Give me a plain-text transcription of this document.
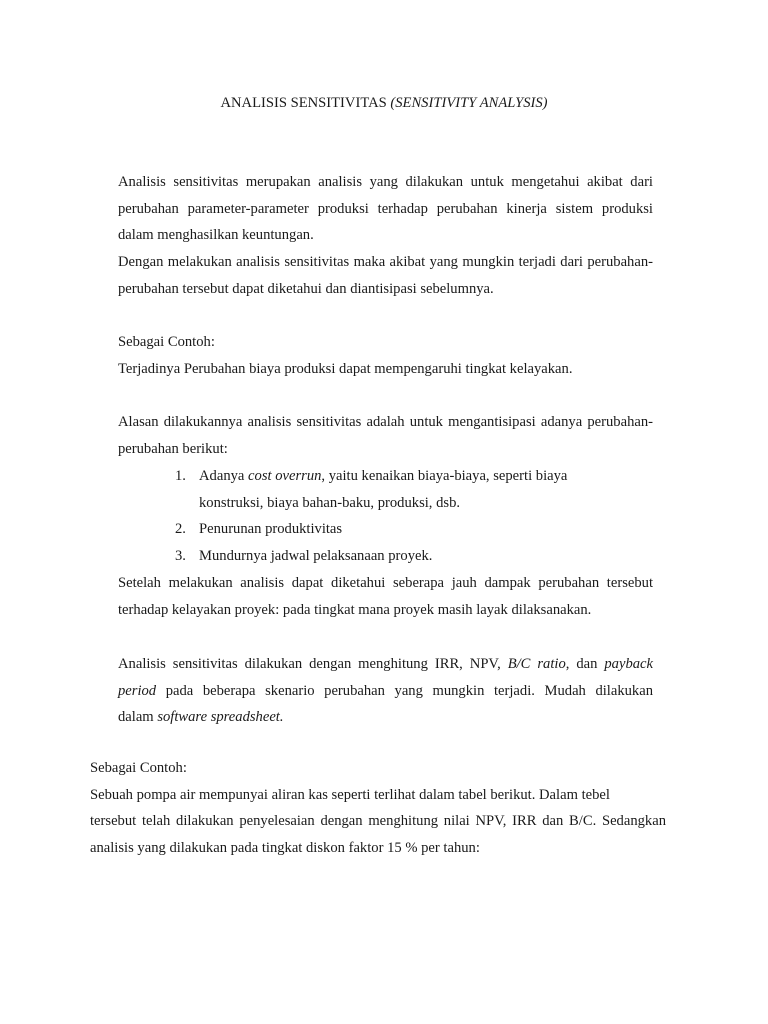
ANALISIS SENSITIVITAS (SENSITIVITY ANALYSIS)
Analisis sensitivitas merupakan analisis yang dilakukan untuk mengetahui akibat dari
perubahan parameter-parameter produksi terhadap perubahan kinerja sistem produksi
dalam menghasilkan keuntungan.
Dengan melakukan analisis sensitivitas maka akibat yang mungkin terjadi dari perubahan-
perubahan tersebut dapat diketahui dan diantisipasi sebelumnya.
Sebagai Contoh:
Terjadinya Perubahan biaya produksi dapat mempengaruhi tingkat kelayakan.
Alasan dilakukannya analisis sensitivitas adalah untuk mengantisipasi adanya perubahan-
perubahan berikut:
1. Adanya cost overrun, yaitu kenaikan biaya-biaya, seperti biaya
konstruksi, biaya bahan-baku, produksi, dsb.
2. Penurunan produktivitas
3. Mundurnya jadwal pelaksanaan proyek.
Setelah melakukan analisis dapat diketahui seberapa jauh dampak perubahan tersebut
terhadap kelayakan proyek: pada tingkat mana proyek masih layak dilaksanakan.
Analisis sensitivitas dilakukan dengan menghitung IRR, NPV, B/C ratio, dan payback
period pada beberapa skenario perubahan yang mungkin terjadi. Mudah dilakukan
dalam software spreadsheet.
Sebagai Contoh:
Sebuah pompa air mempunyai aliran kas seperti terlihat dalam tabel berikut. Dalam tebel
tersebut telah dilakukan penyelesaian dengan menghitung nilai NPV, IRR dan B/C. Sedangkan
analisis yang dilakukan pada tingkat diskon faktor 15 % per tahun:
